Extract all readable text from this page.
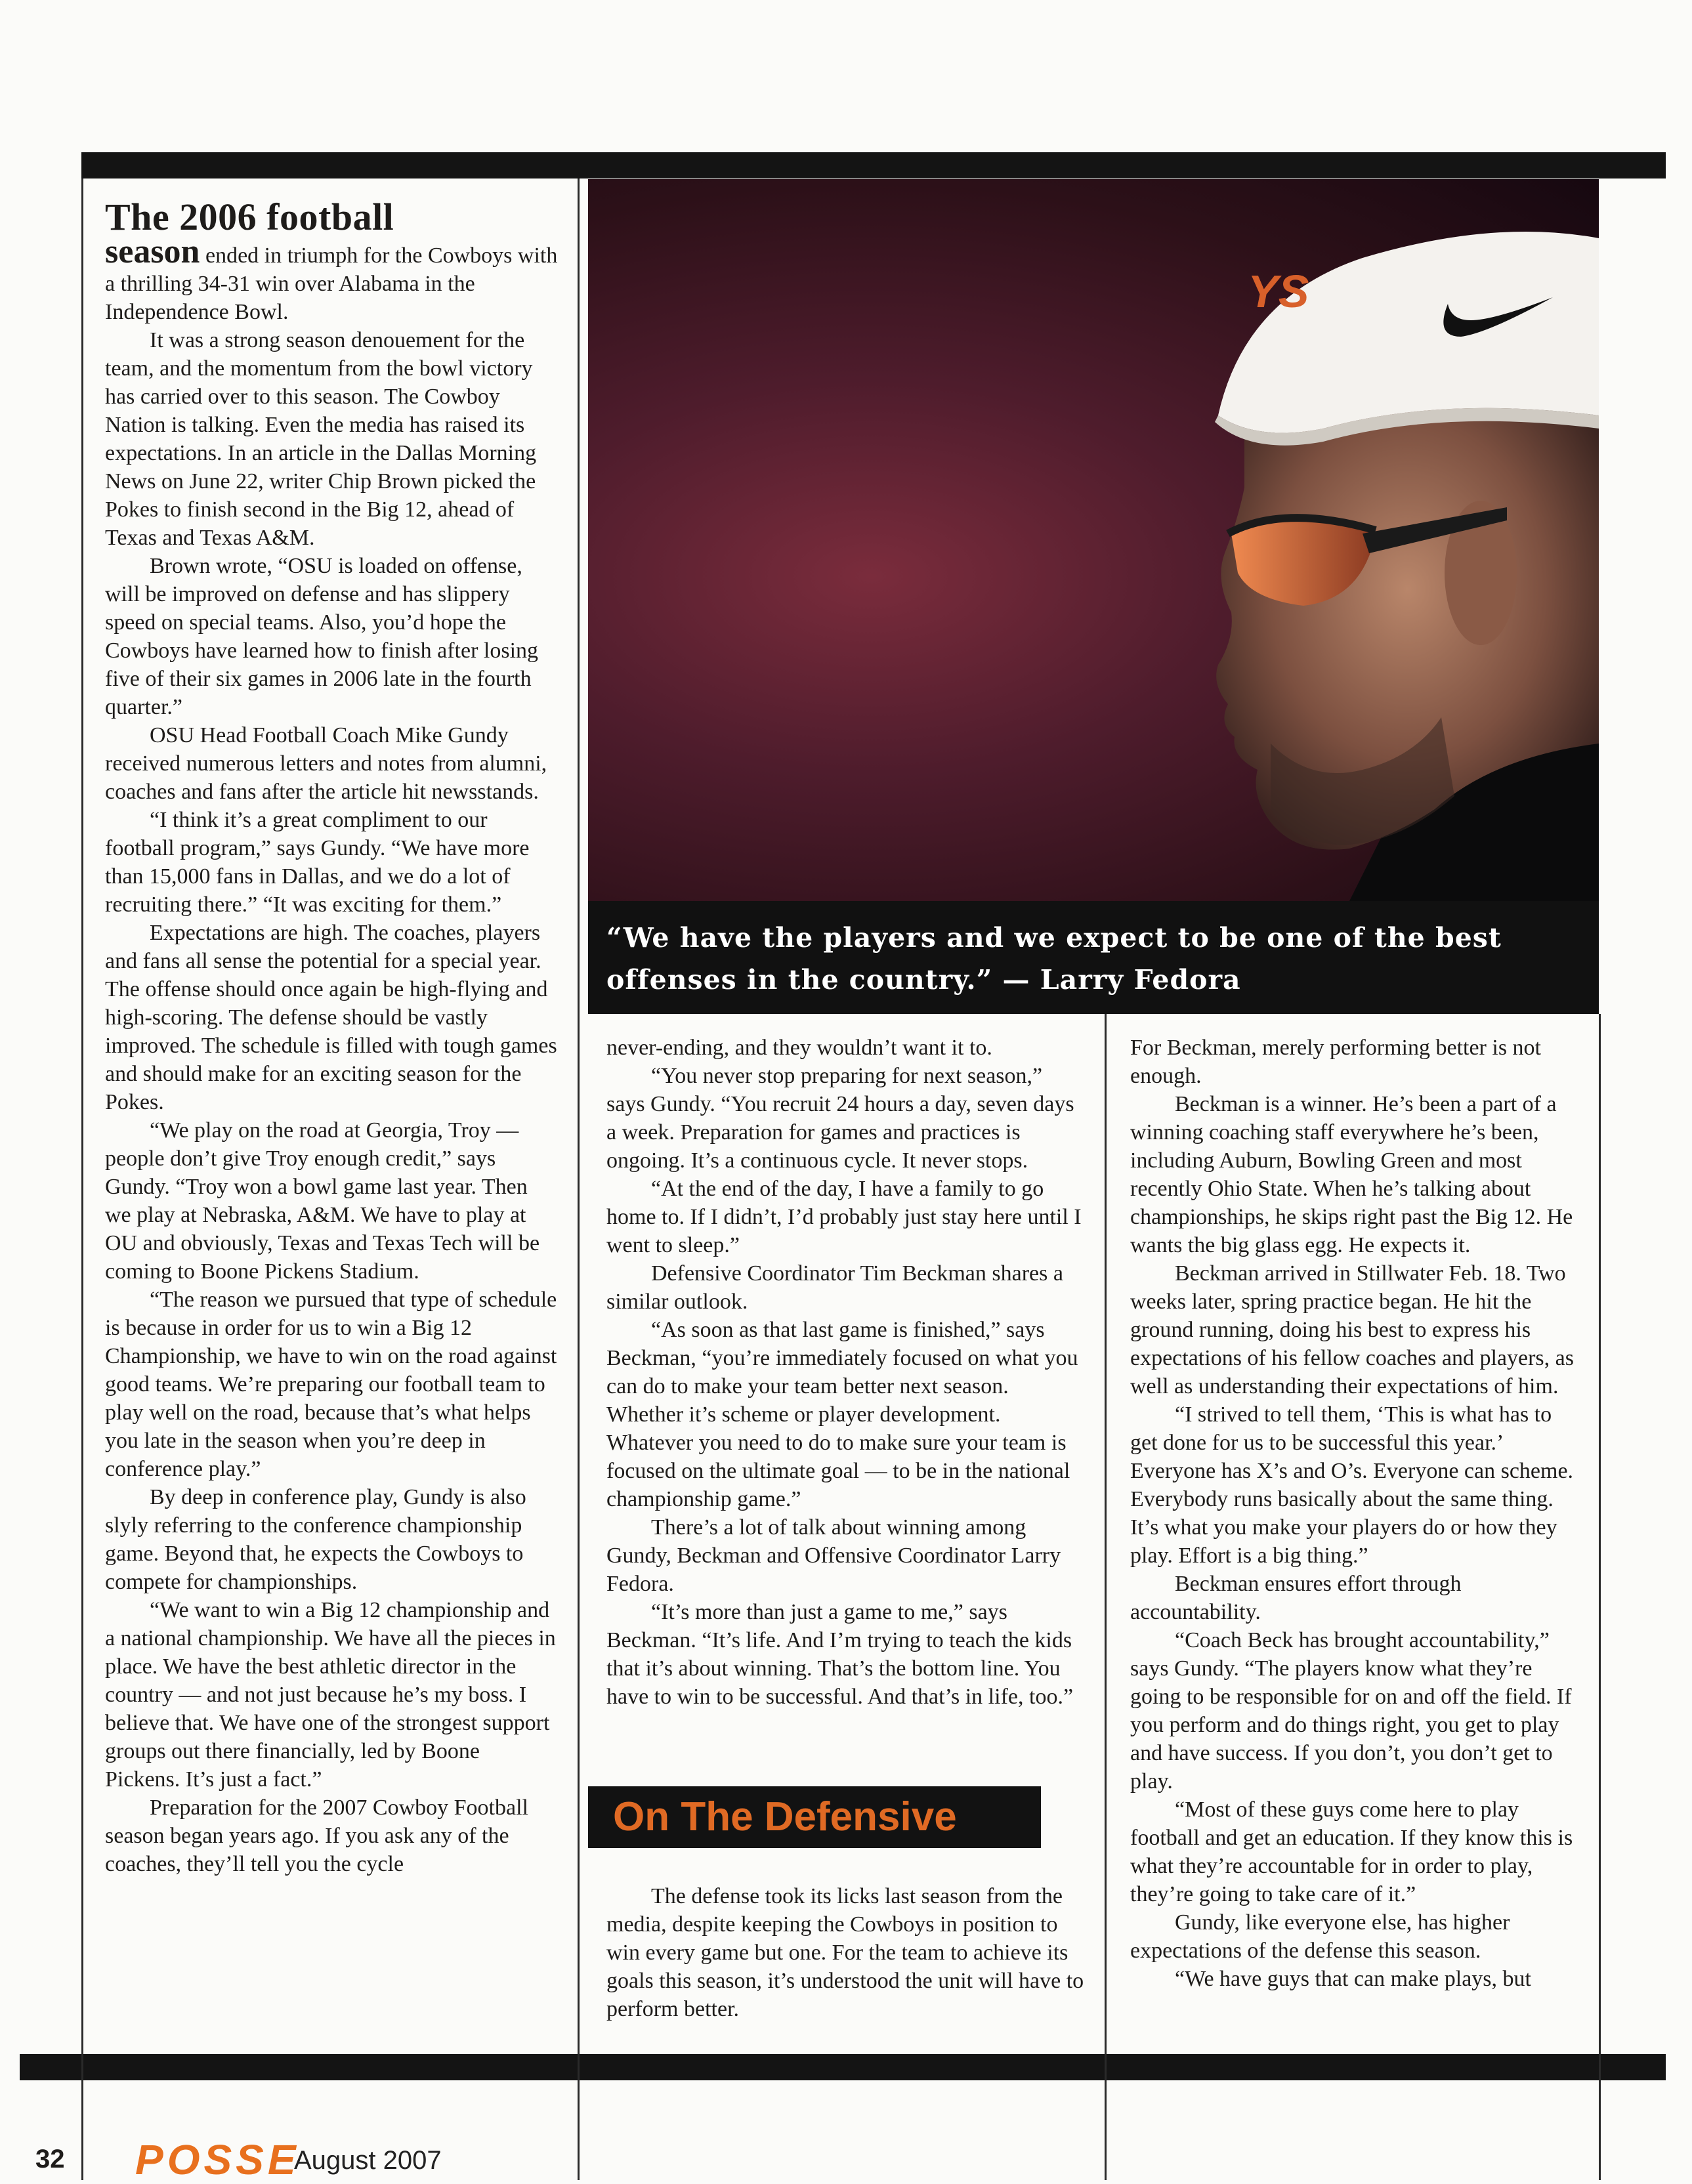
YS
“We have the players and we expect to be one of the best offenses in the country.” — Larry Fedora

The 2006 football

season ended in triumph for the Cowboys with a thrilling 34-31 win over Alabama in the Independence Bowl.

It was a strong season denouement for the team, and the momentum from the bowl victory has carried over to this season. The Cowboy Nation is talking. Even the media has raised its expectations. In an article in the Dallas Morning News on June 22, writer Chip Brown picked the Pokes to finish second in the Big 12, ahead of Texas and Texas A&M.

Brown wrote, “OSU is loaded on offense, will be improved on defense and has slippery speed on special teams. Also, you’d hope the Cowboys have learned how to finish after losing five of their six games in 2006 late in the fourth quarter.”

OSU Head Football Coach Mike Gundy received numerous letters and notes from alumni, coaches and fans after the article hit newsstands.

“I think it’s a great compliment to our football program,” says Gundy. “We have more than 15,000 fans in Dallas, and we do a lot of recruiting there.” “It was exciting for them.”

Expectations are high. The coaches, players and fans all sense the potential for a special year. The offense should once again be high-flying and high-scoring. The defense should be vastly improved. The schedule is filled with tough games and should make for an exciting season for the Pokes.

“We play on the road at Georgia, Troy — people don’t give Troy enough credit,” says Gundy. “Troy won a bowl game last year. Then we play at Nebraska, A&M. We have to play at OU and obviously, Texas and Texas Tech will be coming to Boone Pickens Stadium.

“The reason we pursued that type of schedule is because in order for us to win a Big 12 Championship, we have to win on the road against good teams. We’re preparing our football team to play well on the road, because that’s what helps you late in the season when you’re deep in conference play.”

By deep in conference play, Gundy is also slyly referring to the conference championship game. Beyond that, he expects the Cowboys to compete for championships.

“We want to win a Big 12 championship and a national championship. We have all the pieces in place. We have the best athletic director in the country — and not just because he’s my boss. I believe that. We have one of the strongest support groups out there financially, led by Boone Pickens. It’s just a fact.”

Preparation for the 2007 Cowboy Football season began years ago. If you ask any of the coaches, they’ll tell you the cycle

never-ending, and they wouldn’t want it to.

“You never stop preparing for next season,” says Gundy. “You recruit 24 hours a day, seven days a week. Preparation for games and practices is ongoing. It’s a continuous cycle. It never stops.

“At the end of the day, I have a family to go home to. If I didn’t, I’d probably just stay here until I went to sleep.”

Defensive Coordinator Tim Beckman shares a similar outlook.

“As soon as that last game is finished,” says Beckman, “you’re immediately focused on what you can do to make your team better next season. Whether it’s scheme or player development. Whatever you need to do to make sure your team is focused on the ultimate goal — to be in the national championship game.”

There’s a lot of talk about winning among Gundy, Beckman and Offensive Coordinator Larry Fedora.

“It’s more than just a game to me,” says Beckman. “It’s life. And I’m trying to teach the kids that it’s about winning. That’s the bottom line. You have to win to be successful. And that’s in life, too.”

On The Defensive

The defense took its licks last season from the media, despite keeping the Cowboys in position to win every game but one. For the team to achieve its goals this season, it’s understood the unit will have to perform better.

For Beckman, merely performing better is not enough.

Beckman is a winner. He’s been a part of a winning coaching staff everywhere he’s been, including Auburn, Bowling Green and most recently Ohio State. When he’s talking about championships, he skips right past the Big 12. He wants the big glass egg. He expects it.

Beckman arrived in Stillwater Feb. 18. Two weeks later, spring practice began. He hit the ground running, doing his best to express his expectations of his fellow coaches and players, as well as understanding their expectations of him.

“I strived to tell them, ‘This is what has to get done for us to be successful this year.’ Everyone has X’s and O’s. Everyone can scheme. Everybody runs basically about the same thing. It’s what you make your players do or how they play. Effort is a big thing.”

Beckman ensures effort through accountability.

“Coach Beck has brought accountability,” says Gundy. “The players know what they’re going to be responsible for on and off the field. If you perform and do things right, you get to play and have success. If you don’t, you don’t get to play.

“Most of these guys come here to play football and get an education. If they know this is what they’re accountable for in order to play, they’re going to take care of it.”

Gundy, like everyone else, has higher expectations of the defense this season.

“We have guys that can make plays, but

32 POSSE
August 2007
